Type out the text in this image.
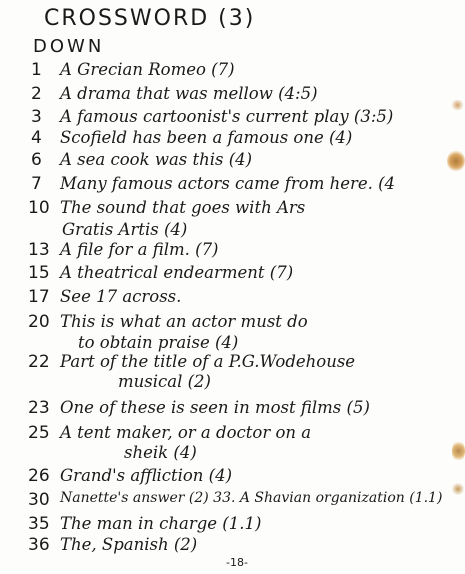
CROSSWORD (3)
DOWN
1 A Grecian Romeo (7)
2 A drama that was mellow (4:5)
3 A famous cartoonist's current play (3:5)
4 Scofield has been a famous one (4)
6 A sea cook was this (4)
7 Many famous actors came from here. (4
10 The sound that goes with Ars
Gratis Artis (4)
13 A file for a film. (7)
15 A theatrical endearment (7)
17 See 17 across.
20 This is what an actor must do
to obtain praise (4)
22 Part of the title of a P.G.Wodehouse
musical (2)
23 One of these is seen in most films (5)
25 A tent maker, or a doctor on a
sheik (4)
26 Grand's affliction (4)
30 Nanette's answer (2) 33. A Shavian organization (1.1)
35 The man in charge (1.1)
36 The, Spanish (2)
-18-
